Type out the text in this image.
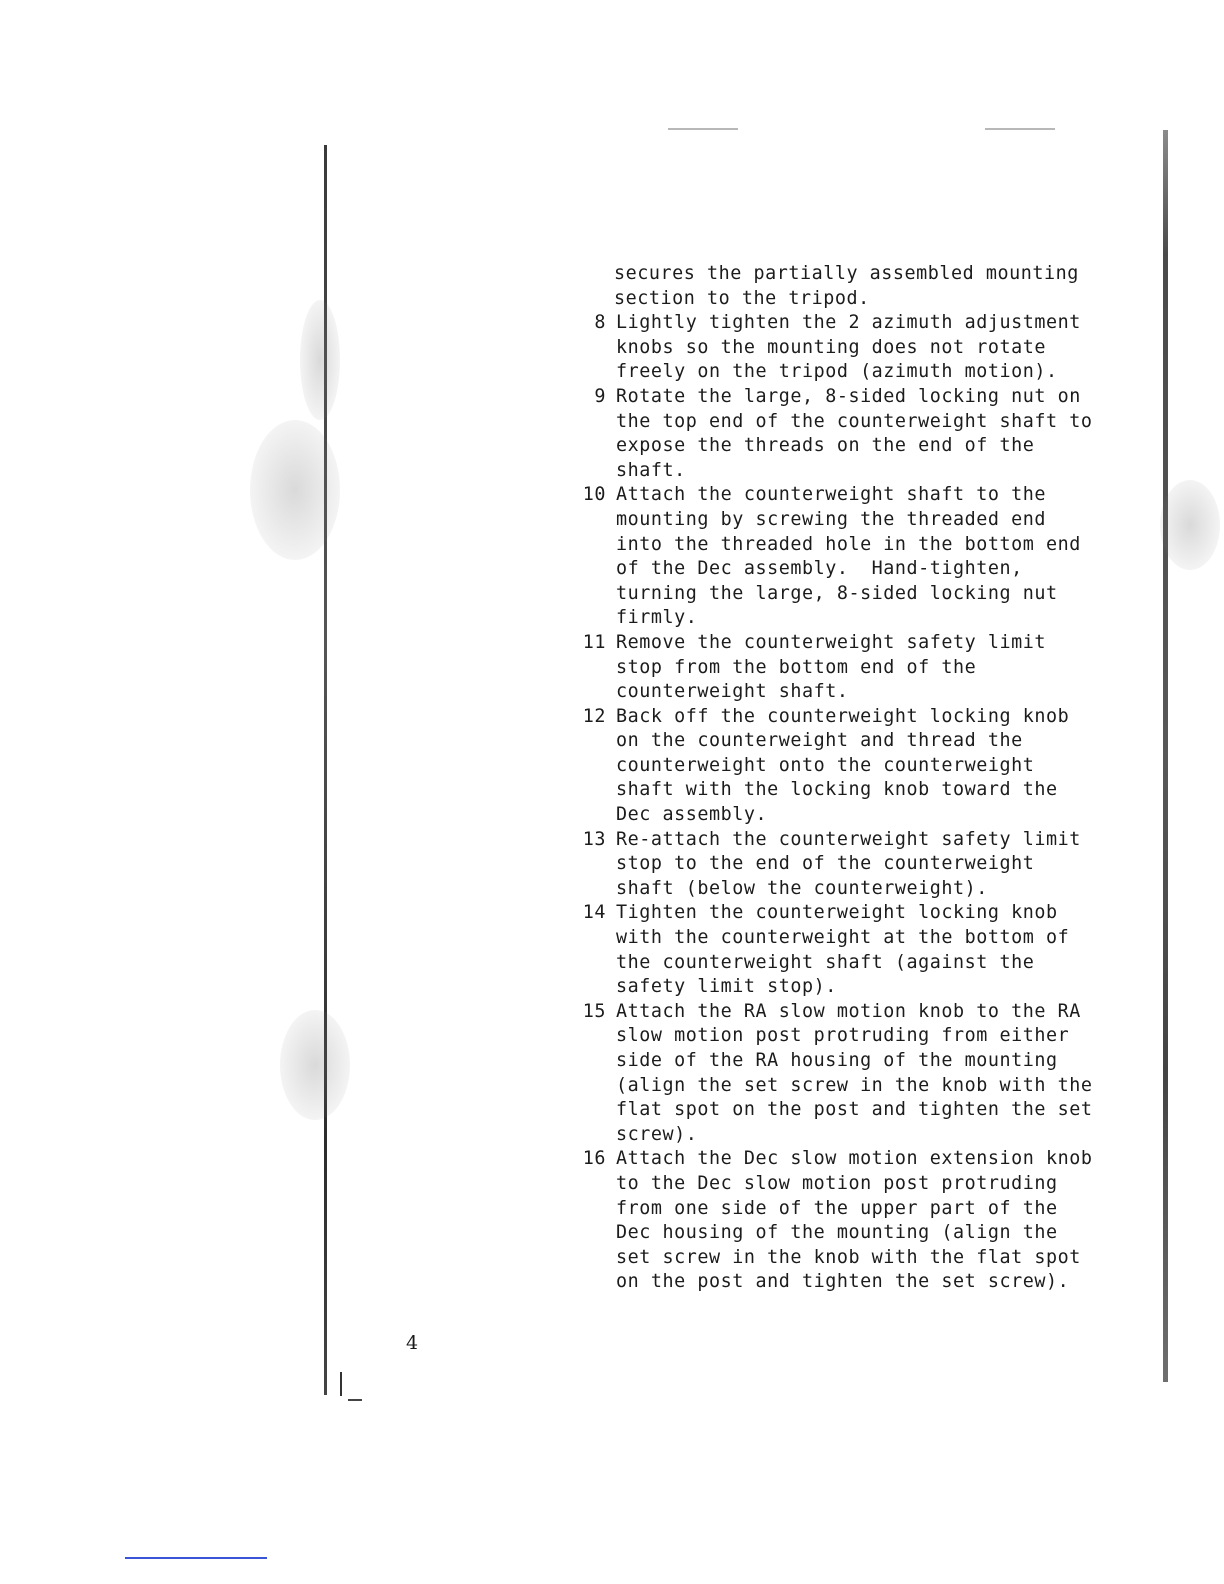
secures the partially assembled mounting
section to the tripod.
8 Lightly tighten the 2 azimuth adjustment
knobs so the mounting does not rotate
freely on the tripod (azimuth motion).
9 Rotate the large, 8-sided locking nut on
the top end of the counterweight shaft to
expose the threads on the end of the
shaft.
10 Attach the counterweight shaft to the
mounting by screwing the threaded end
into the threaded hole in the bottom end
of the Dec assembly.  Hand-tighten,
turning the large, 8-sided locking nut
firmly.
11 Remove the counterweight safety limit
stop from the bottom end of the
counterweight shaft.
12 Back off the counterweight locking knob
on the counterweight and thread the
counterweight onto the counterweight
shaft with the locking knob toward the
Dec assembly.
13 Re-attach the counterweight safety limit
stop to the end of the counterweight
shaft (below the counterweight).
14 Tighten the counterweight locking knob
with the counterweight at the bottom of
the counterweight shaft (against the
safety limit stop).
15 Attach the RA slow motion knob to the RA
slow motion post protruding from either
side of the RA housing of the mounting
(align the set screw in the knob with the
flat spot on the post and tighten the set
screw).
16 Attach the Dec slow motion extension knob
to the Dec slow motion post protruding
from one side of the upper part of the
Dec housing of the mounting (align the
set screw in the knob with the flat spot
on the post and tighten the set screw).
4
